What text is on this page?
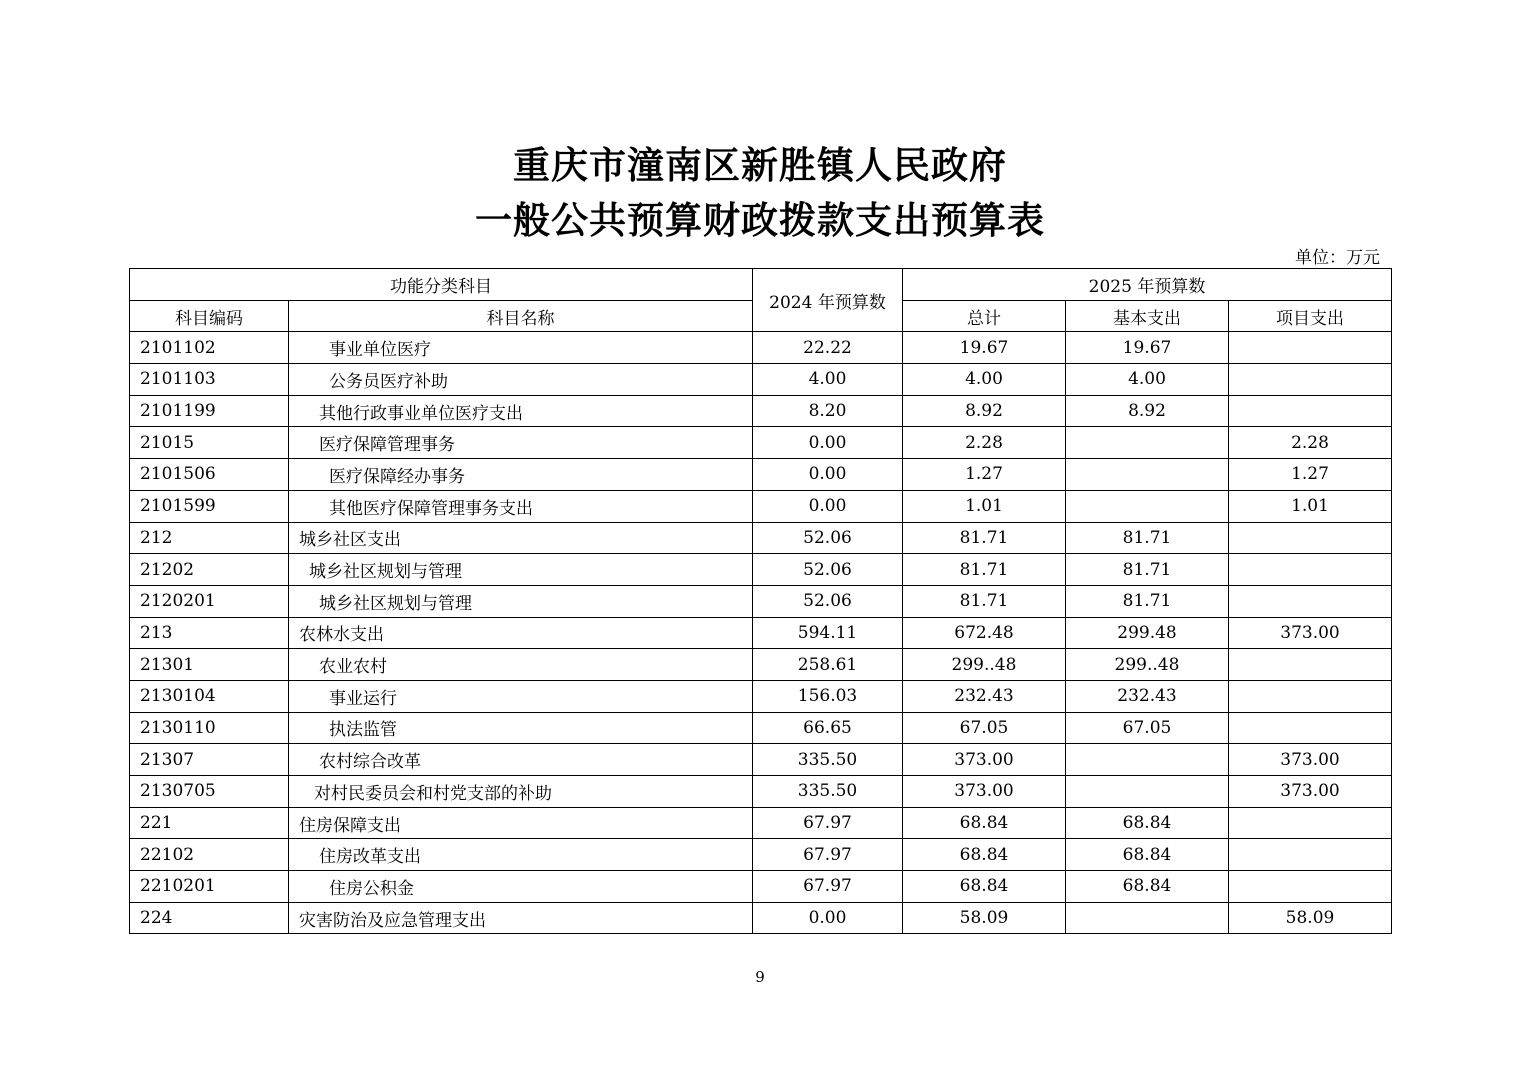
重庆市潼南区新胜镇人民政府
一般公共预算财政拨款支出预算表
单位：万元
功能分类科目		2024 年预算数	2025 年预算数		
科目编码	科目名称		总计	基本支出	项目支出
2101102	事业单位医疗	22.22	19.67	19.67	
2101103	公务员医疗补助	4.00	4.00	4.00	
2101199	其他行政事业单位医疗支出	8.20	8.92	8.92	
21015	医疗保障管理事务	0.00	2.28		2.28
2101506	医疗保障经办事务	0.00	1.27		1.27
2101599	其他医疗保障管理事务支出	0.00	1.01		1.01
212	城乡社区支出	52.06	81.71	81.71	
21202	城乡社区规划与管理	52.06	81.71	81.71	
2120201	城乡社区规划与管理	52.06	81.71	81.71	
213	农林水支出	594.11	672.48	299.48	373.00
21301	农业农村	258.61	299..48	299..48	
2130104	事业运行	156.03	232.43	232.43	
2130110	执法监管	66.65	67.05	67.05	
21307	农村综合改革	335.50	373.00		373.00
2130705	对村民委员会和村党支部的补助	335.50	373.00		373.00
221	住房保障支出	67.97	68.84	68.84	
22102	住房改革支出	67.97	68.84	68.84	
2210201	住房公积金	67.97	68.84	68.84	
224	灾害防治及应急管理支出	0.00	58.09		58.09
9
